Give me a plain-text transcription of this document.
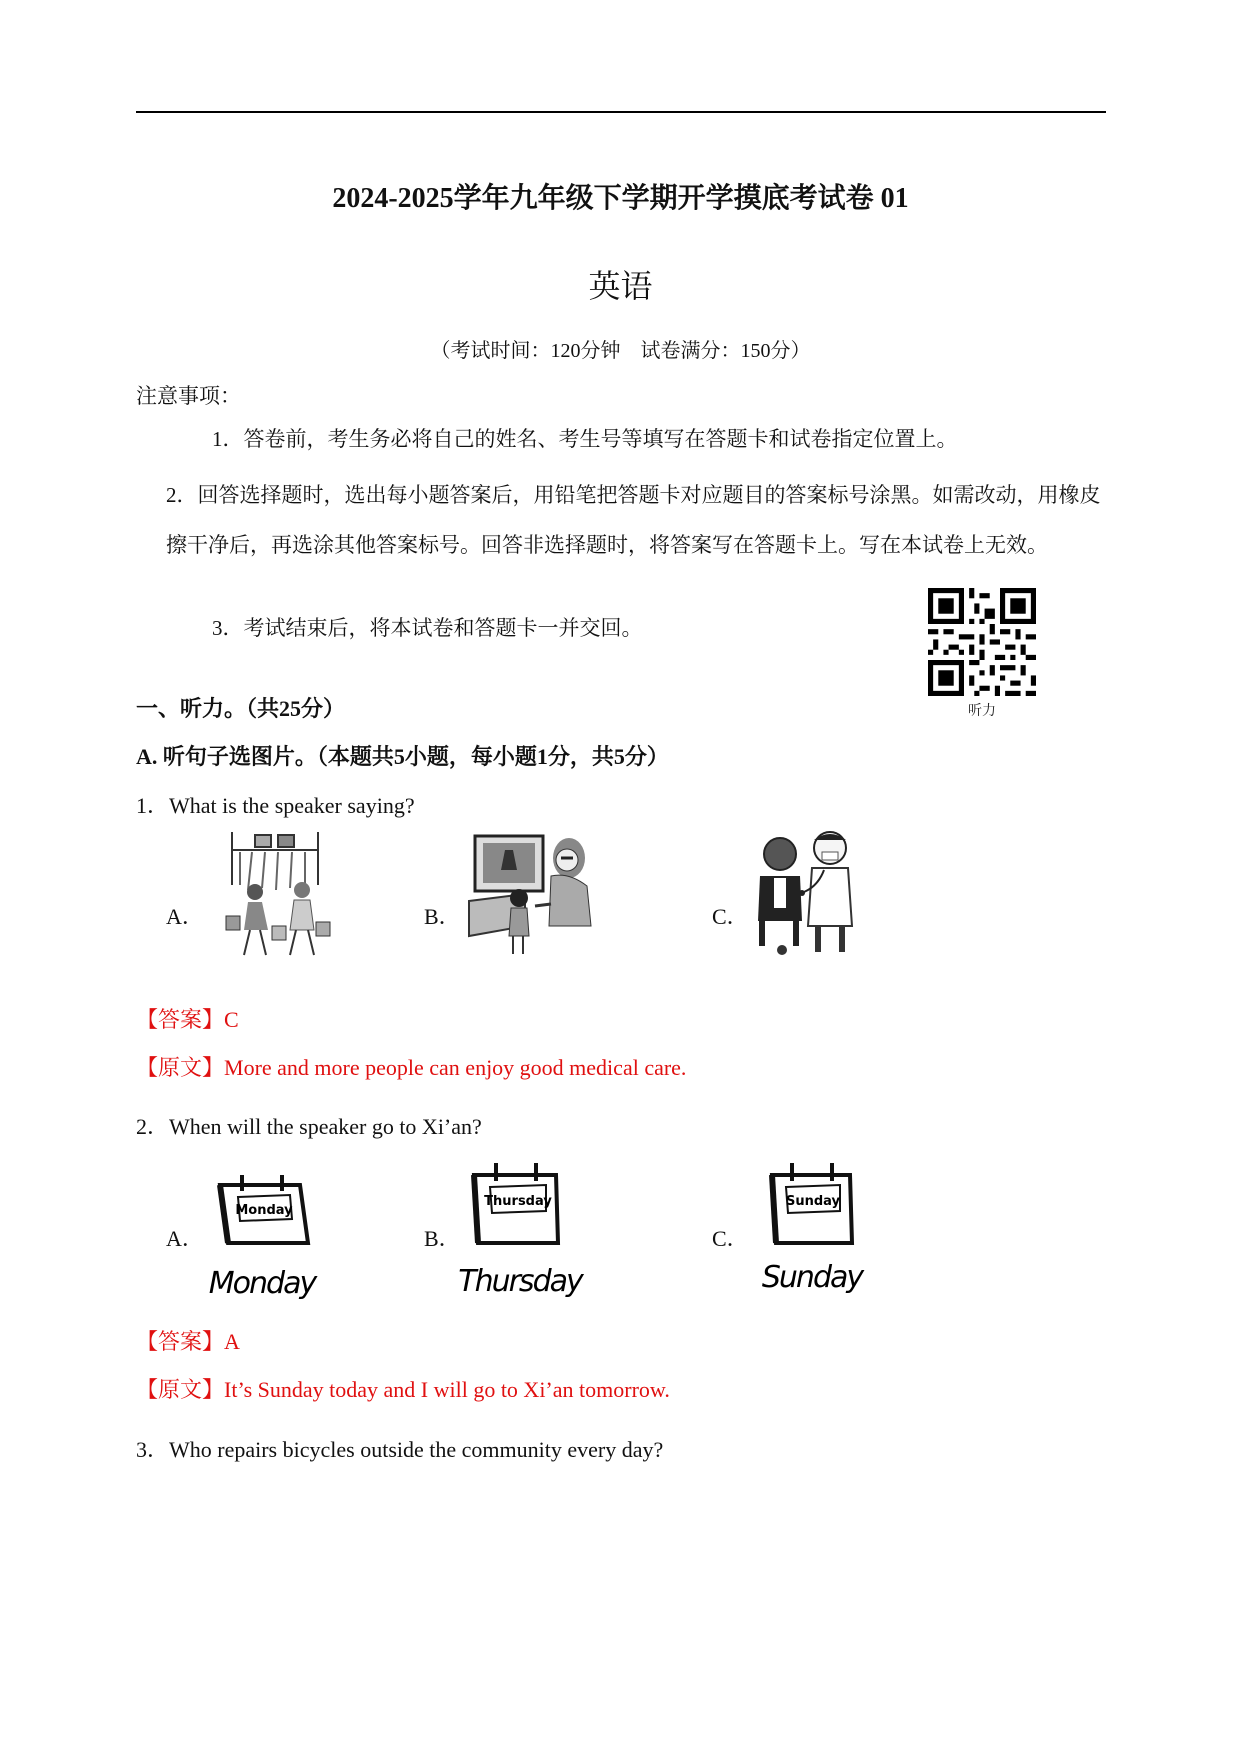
2024-2025学年九年级下学期开学摸底考试卷 01
英语
（考试时间：120分钟　试卷满分：150分）
注意事项：
1．答卷前，考生务必将自己的姓名、考生号等填写在答题卡和试卷指定位置上。
2．回答选择题时，选出每小题答案后，用铅笔把答题卡对应题目的答案标号涂黑。如需改动，用橡皮擦干净后，再选涂其他答案标号。回答非选择题时，将答案写在答题卡上。写在本试卷上无效。
3．考试结束后，将本试卷和答题卡一并交回。
听力
一、听力。（共25分）
A. 听句子选图片。（本题共5小题，每小题1分，共5分）
1．What is the speaker saying?
A．	B．	C．
【答案】C
【原文】More and more people can enjoy good medical care.
2．When will the speaker go to Xi’an?
A．	B．	C．
Monday
Monday
Thursday
Thursday
Sunday
Sunday
【答案】A
【原文】It’s Sunday today and I will go to Xi’an tomorrow.
3．Who repairs bicycles outside the community every day?
